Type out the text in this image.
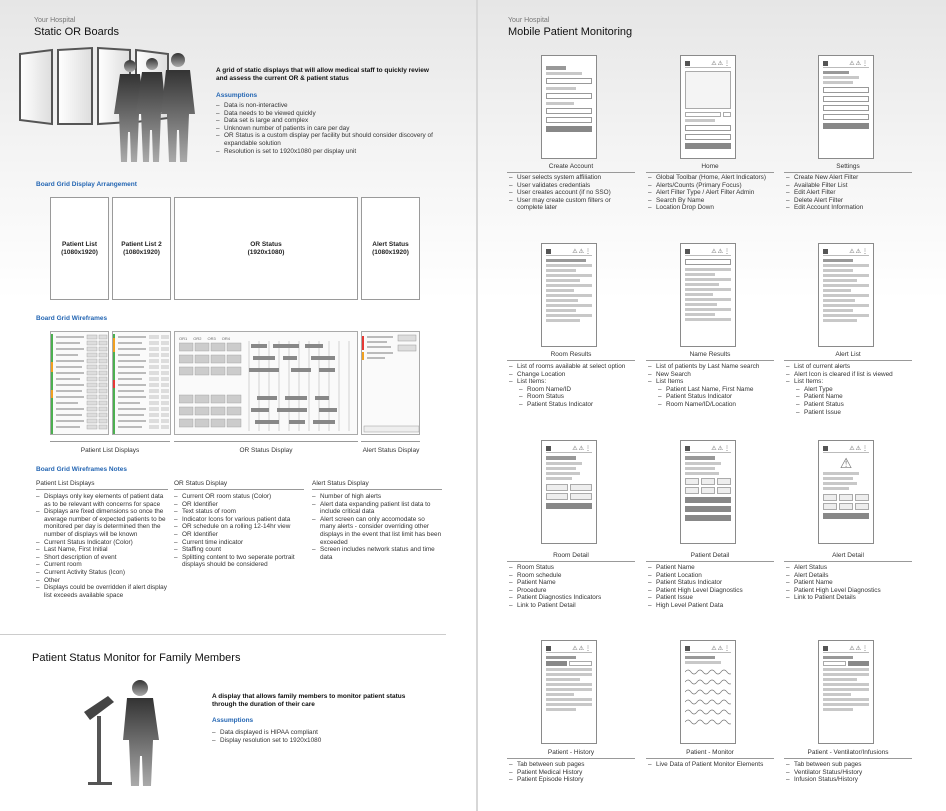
Your Hospital
Static OR Boards
A grid of static displays that will allow medical staff to quickly review and assess the current OR & patient status
Assumptions
– Data is non-interactive
– Data needs to be viewed quickly
– Data set is large and complex
– Unknown number of patients in care per day
– OR Status is a custom display per facility but should consider discovery of expandable solution
– Resolution is set to 1920x1080 per display unit
Board Grid Display Arrangement
Patient List
(1080x1920)
Patient List 2
(1080x1920)
OR Status
(1920x1080)
Alert Status
(1080x1920)
Board Grid Wireframes
OR1 OR2 OR3 OR4
Patient List Displays	OR Status Display	Alert Status Display
Board Grid Wireframes Notes
Patient List Displays
– Displays only key elements of patient data as to be relevant with concerns for space
– Displays are fixed dimensions so once the average number of expected patients to be monitored per day is determined then the number of displays will be known
– Current Status Indicator (Color)
– Last Name, First Initial
– Short description of event
– Current room
– Current Activity Status (Icon)
– Other
– Displays could be overridden if alert display list exceeds available space
OR Status Display
– Current OR room status (Color)
– OR Identifier
– Text status of room
– Indicator Icons for various patient data
– OR schedule on a rolling 12-14hr view
– OR Identifier
– Current time indicator
– Staffing count
– Splitting content to two seperate portrait displays should be considered
Alert Status Display
– Number of high alerts
– Alert data expanding patient list data to include critical data
– Alert screen can only accomodate so many alerts - consider overriding other displays in the event that list limit has been exceeded
– Screen includes network status and time data
Patient Status Monitor for Family Members
A display that allows family members to monitor patient status through the duration of their care
Assumptions
– Data displayed is HIPAA compliant
– Display resolution set to 1920x1080
Your Hospital
Mobile Patient Monitoring
⚠⚠⋮	⚠⚠⋮
⚠⚠⋮	⚠⚠⋮	⚠⚠⋮
⚠⚠⋮	⚠⚠⋮	⚠⚠⋮
⚠
⚠⚠⋮	⚠⚠⋮	⚠⚠⋮
Create Account
– User selects system affiliation
– User validates credentials
– User creates account (if no SSO)
– User may create custom filters or complete later
Home
– Global Toolbar (Home, Alert Indicators)
– Alerts/Counts (Primary Focus)
– Alert Filter Type / Alert Filter Admin
– Search By Name
– Location Drop Down
Settings
– Create New Alert Filter
– Available Filter List
– Edit Alert Filter
– Delete Alert Filter
– Edit Account Information
Room Results
– List of rooms available at select option
– Change Location
– List Items:
– Room Name/ID
– Room Status
– Patient Status Indicator
Name Results
– List of patients by Last Name search
– New Search
– List Items
– Patient Last Name, First Name
– Patient Status Indicator
– Room Name/ID/Location
Alert List
– List of current alerts
– Alert Icon is cleared if list is viewed
– List Items:
– Alert Type
– Patient Name
– Patient Status
– Patient Issue
Room Detail
– Room Status
– Room schedule
– Patient Name
– Procedure
– Patient Diagnostics Indicators
– Link to Patient Detail
Patient Detail
– Patient Name
– Patient Location
– Patient Status Indicator
– Patient High Level Diagnostics
– Patient Issue
– High Level Patient Data
Alert Detail
– Alert Status
– Alert Details
– Patient Name
– Patient High Level Diagnostics
– Link to Patient Details
Patient - History
– Tab between sub pages
– Patient Medical History
– Patient Episode History
Patient - Monitor
– Live Data of Patient Monitor Elements
Patient - Ventilator/Infusions
– Tab between sub pages
– Ventilator Status/History
– Infusion Status/History
